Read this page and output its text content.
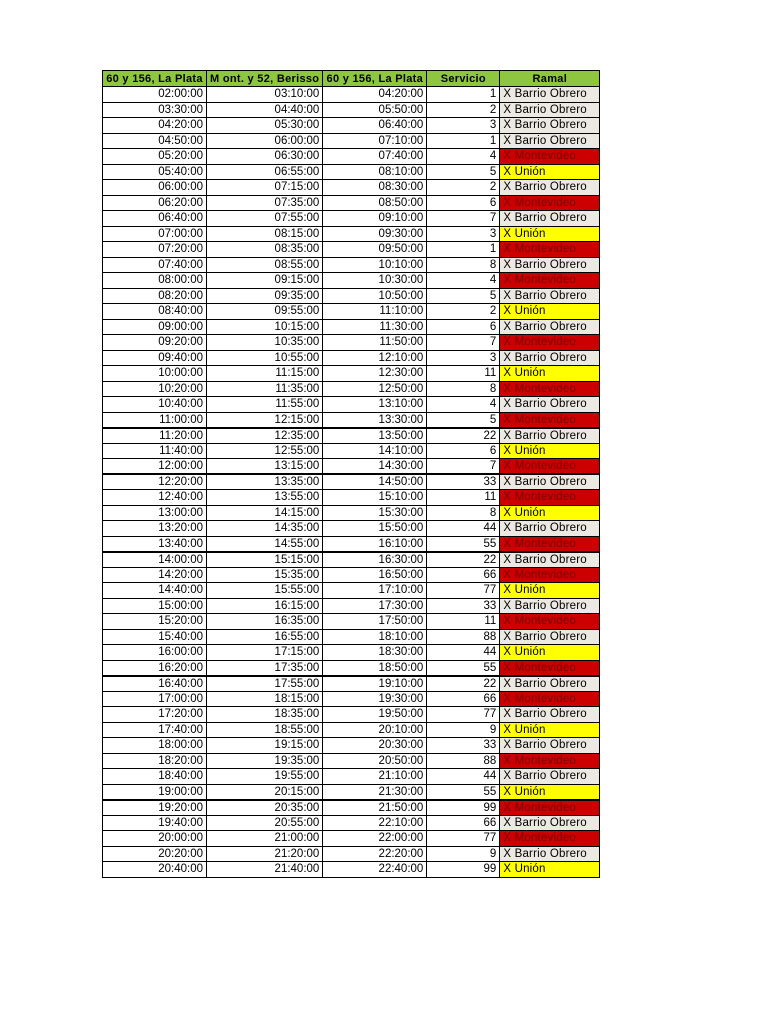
60 y 156, La Plata	M ont. y 52, Berisso	60 y 156, La Plata	Servicio	Ramal
02:00:00	03:10:00	04:20:00	1	X Barrio Obrero
03:30:00	04:40:00	05:50:00	2	X Barrio Obrero
04:20:00	05:30:00	06:40:00	3	X Barrio Obrero
04:50:00	06:00:00	07:10:00	1	X Barrio Obrero
05:20:00	06:30:00	07:40:00	4	X Montevideo
05:40:00	06:55:00	08:10:00	5	X Unión
06:00:00	07:15:00	08:30:00	2	X Barrio Obrero
06:20:00	07:35:00	08:50:00	6	X Montevideo
06:40:00	07:55:00	09:10:00	7	X Barrio Obrero
07:00:00	08:15:00	09:30:00	3	X Unión
07:20:00	08:35:00	09:50:00	1	X Montevideo
07:40:00	08:55:00	10:10:00	8	X Barrio Obrero
08:00:00	09:15:00	10:30:00	4	X Montevideo
08:20:00	09:35:00	10:50:00	5	X Barrio Obrero
08:40:00	09:55:00	11:10:00	2	X Unión
09:00:00	10:15:00	11:30:00	6	X Barrio Obrero
09:20:00	10:35:00	11:50:00	7	X Montevideo
09:40:00	10:55:00	12:10:00	3	X Barrio Obrero
10:00:00	11:15:00	12:30:00	11	X Unión
10:20:00	11:35:00	12:50:00	8	X Montevideo
10:40:00	11:55:00	13:10:00	4	X Barrio Obrero
11:00:00	12:15:00	13:30:00	5	X Montevideo
11:20:00	12:35:00	13:50:00	22	X Barrio Obrero
11:40:00	12:55:00	14:10:00	6	X Unión
12:00:00	13:15:00	14:30:00	7	X Montevideo
12:20:00	13:35:00	14:50:00	33	X Barrio Obrero
12:40:00	13:55:00	15:10:00	11	X Montevideo
13:00:00	14:15:00	15:30:00	8	X Unión
13:20:00	14:35:00	15:50:00	44	X Barrio Obrero
13:40:00	14:55:00	16:10:00	55	X Montevideo
14:00:00	15:15:00	16:30:00	22	X Barrio Obrero
14:20:00	15:35:00	16:50:00	66	X Montevideo
14:40:00	15:55:00	17:10:00	77	X Unión
15:00:00	16:15:00	17:30:00	33	X Barrio Obrero
15:20:00	16:35:00	17:50:00	11	X Montevideo
15:40:00	16:55:00	18:10:00	88	X Barrio Obrero
16:00:00	17:15:00	18:30:00	44	X Unión
16:20:00	17:35:00	18:50:00	55	X Montevideo
16:40:00	17:55:00	19:10:00	22	X Barrio Obrero
17:00:00	18:15:00	19:30:00	66	X Montevideo
17:20:00	18:35:00	19:50:00	77	X Barrio Obrero
17:40:00	18:55:00	20:10:00	9	X Unión
18:00:00	19:15:00	20:30:00	33	X Barrio Obrero
18:20:00	19:35:00	20:50:00	88	X Montevideo
18:40:00	19:55:00	21:10:00	44	X Barrio Obrero
19:00:00	20:15:00	21:30:00	55	X Unión
19:20:00	20:35:00	21:50:00	99	X Montevideo
19:40:00	20:55:00	22:10:00	66	X Barrio Obrero
20:00:00	21:00:00	22:00:00	77	X Montevideo
20:20:00	21:20:00	22:20:00	9	X Barrio Obrero
20:40:00	21:40:00	22:40:00	99	X Unión
